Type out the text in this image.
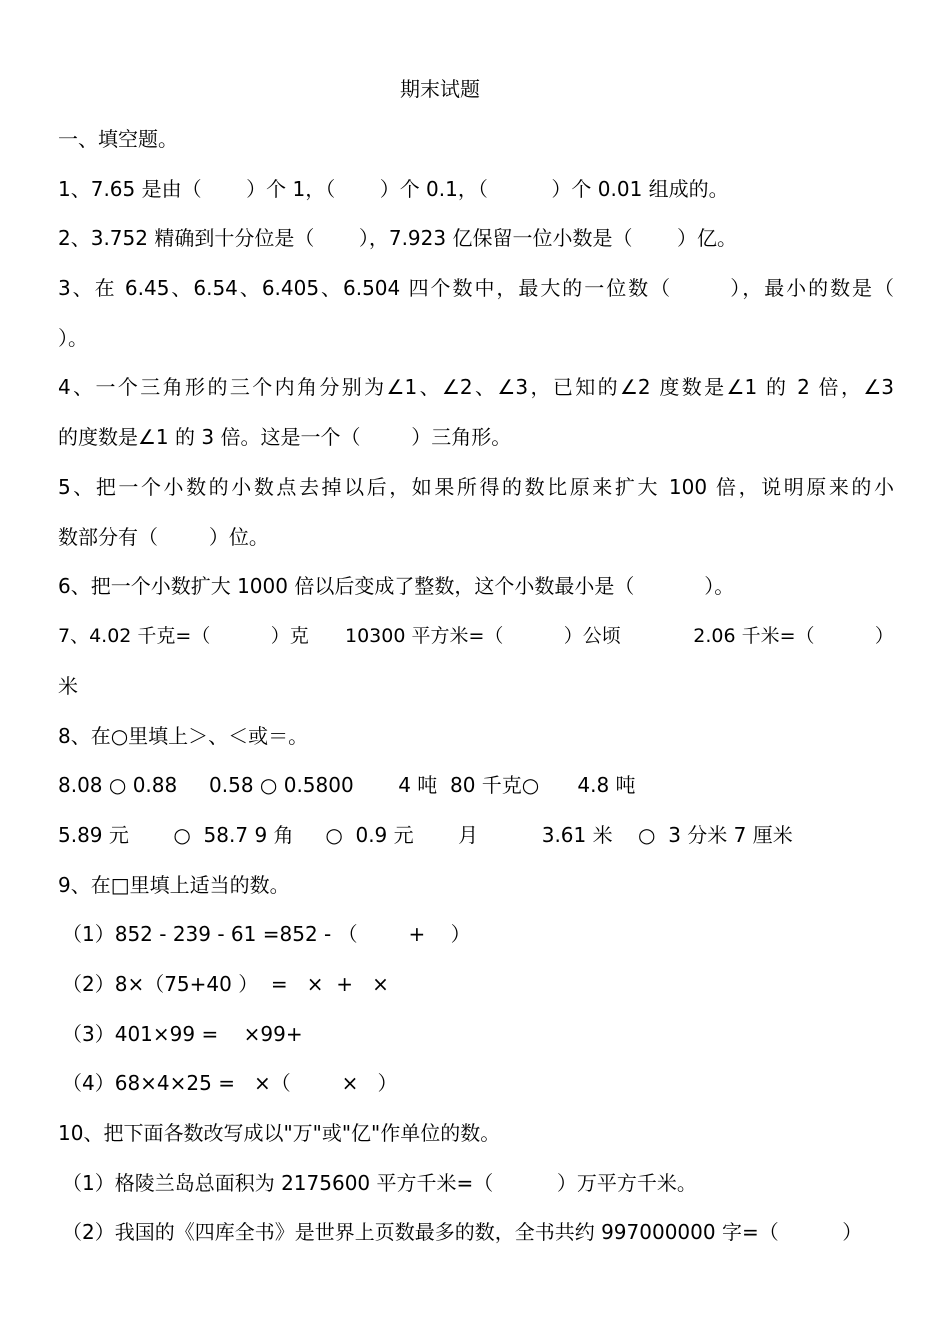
期末试题
一、填空题。
1、7.65 是由（       ）个 1，（       ）个 0.1，（          ）个 0.01 组成的。
2、3.752 精确到十分位是（       ），7.923 亿保留一位小数是（       ）亿。
3、在 6.45、6.54、6.405、6.504 四个数中，最大的一位数（       ），最小的数是（
）。
4、一个三角形的三个内角分别为∠1、∠2、∠3，已知的∠2 度数是∠1 的 2 倍，∠3
的度数是∠1 的 3 倍。这是一个（        ）三角形。
5、把一个小数的小数点去掉以后，如果所得的数比原来扩大 100 倍，说明原来的小
数部分有（        ）位。
6、把一个小数扩大 1000 倍以后变成了整数，这个小数最小是（           ）。
7、4.02 千克=（          ）克      10300 平方米=（          ）公顷            2.06 千米=（          ）
米
8、在○里填上＞、＜或＝。
8.08 ○ 0.88     0.58 ○ 0.5800       4 吨  80 千克○      4.8 吨
5.89 元       ○  58.7 9 角     ○  0.9 元       月          3.61 米    ○  3 分米 7 厘米
9、在□里填上适当的数。
（1）852 - 239 - 61 =852 - （        +    ）
（2）8×（75+40 ）  =   ×  +   ×
（3）401×99 =    ×99+
（4）68×4×25 =   ×（        ×   ）
10、把下面各数改写成以"万"或"亿"作单位的数。
（1）格陵兰岛总面积为 2175600 平方千米=（          ）万平方千米。
（2）我国的《四库全书》是世界上页数最多的数，全书共约 997000000 字=（          ）
